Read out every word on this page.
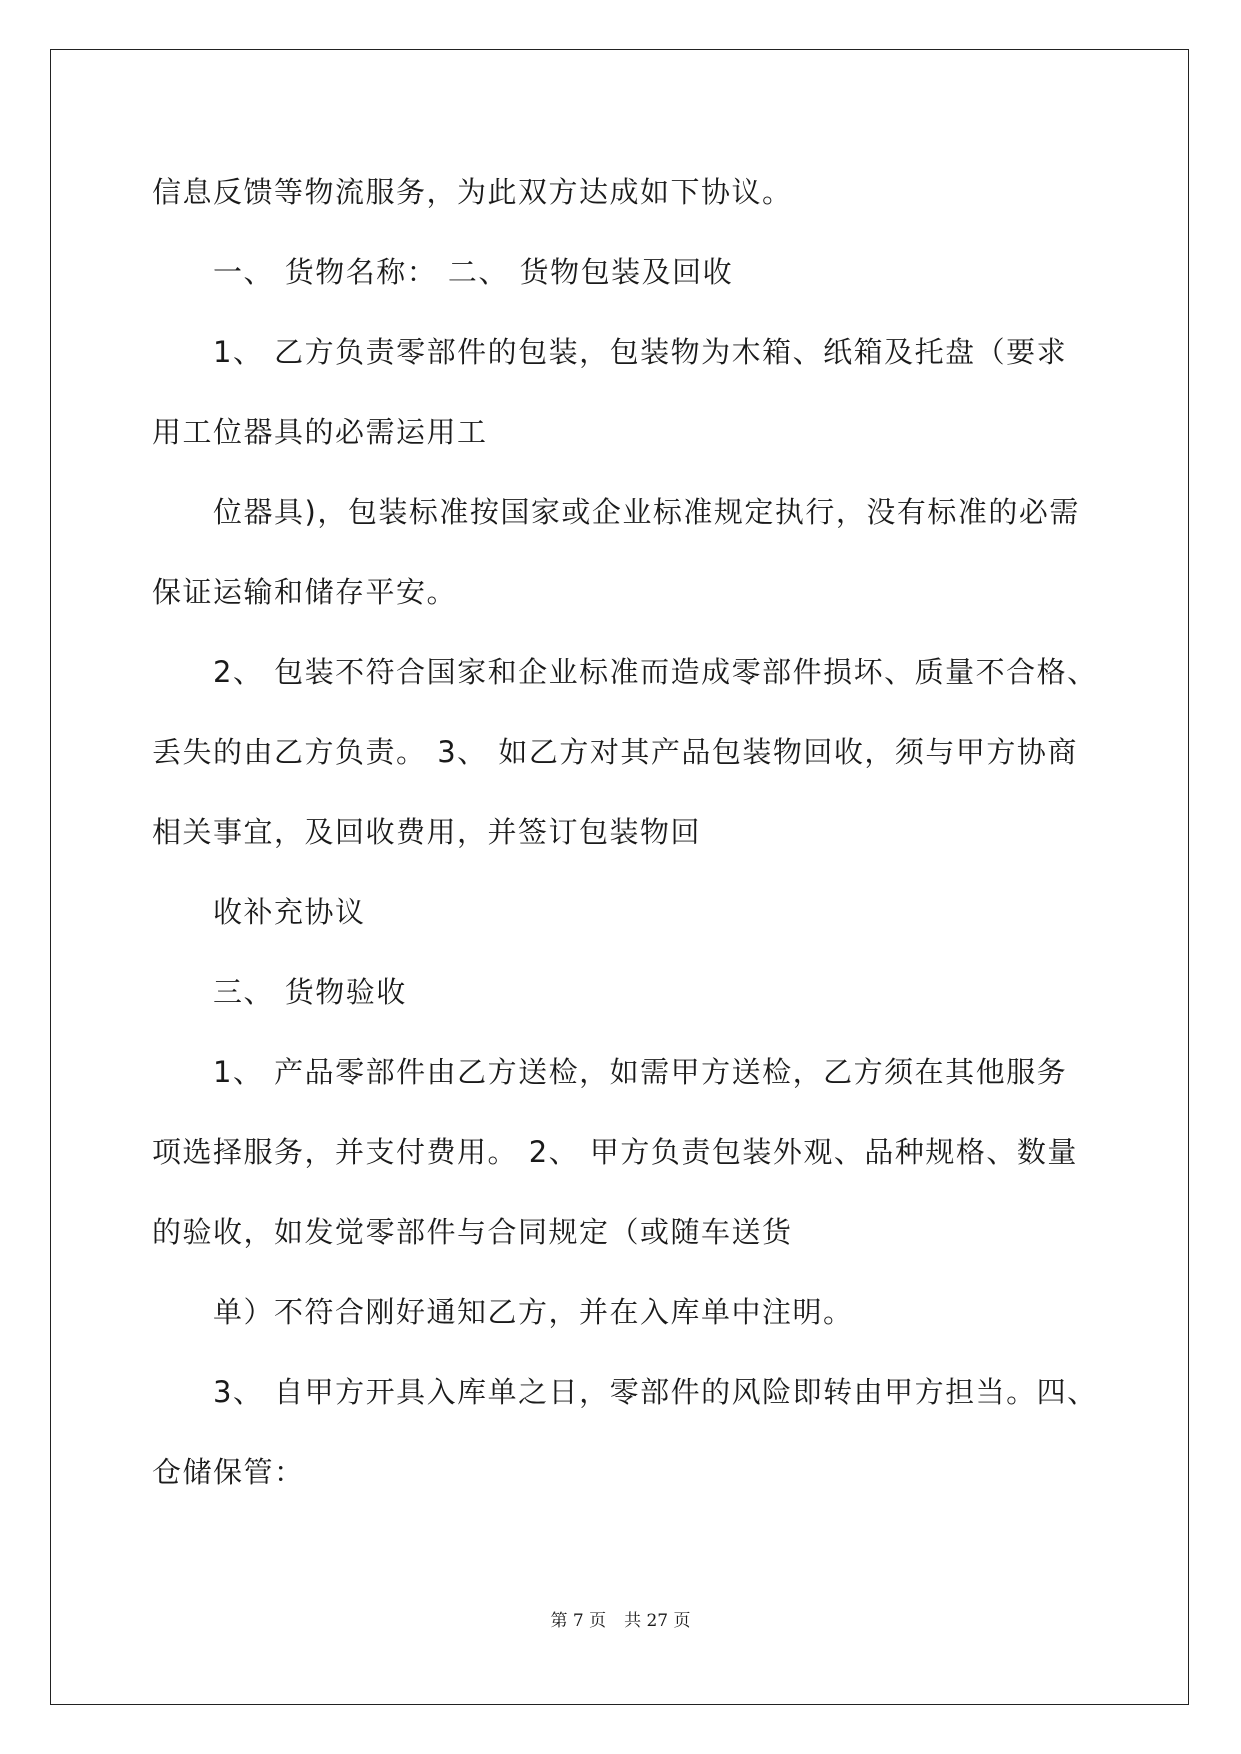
信息反馈等物流服务，为此双方达成如下协议。
一、 货物名称： 二、 货物包装及回收
1、 乙方负责零部件的包装，包装物为木箱、纸箱及托盘（要求
用工位器具的必需运用工
位器具)，包装标准按国家或企业标准规定执行，没有标准的必需
保证运输和储存平安。
2、 包装不符合国家和企业标准而造成零部件损坏、质量不合格、
丢失的由乙方负责。 3、 如乙方对其产品包装物回收，须与甲方协商
相关事宜，及回收费用，并签订包装物回
收补充协议
三、 货物验收
1、 产品零部件由乙方送检，如需甲方送检，乙方须在其他服务
项选择服务，并支付费用。 2、 甲方负责包装外观、品种规格、数量
的验收，如发觉零部件与合同规定（或随车送货
单）不符合刚好通知乙方，并在入库单中注明。
3、 自甲方开具入库单之日，零部件的风险即转由甲方担当。四、
仓储保管：
第 7 页 共 27 页
